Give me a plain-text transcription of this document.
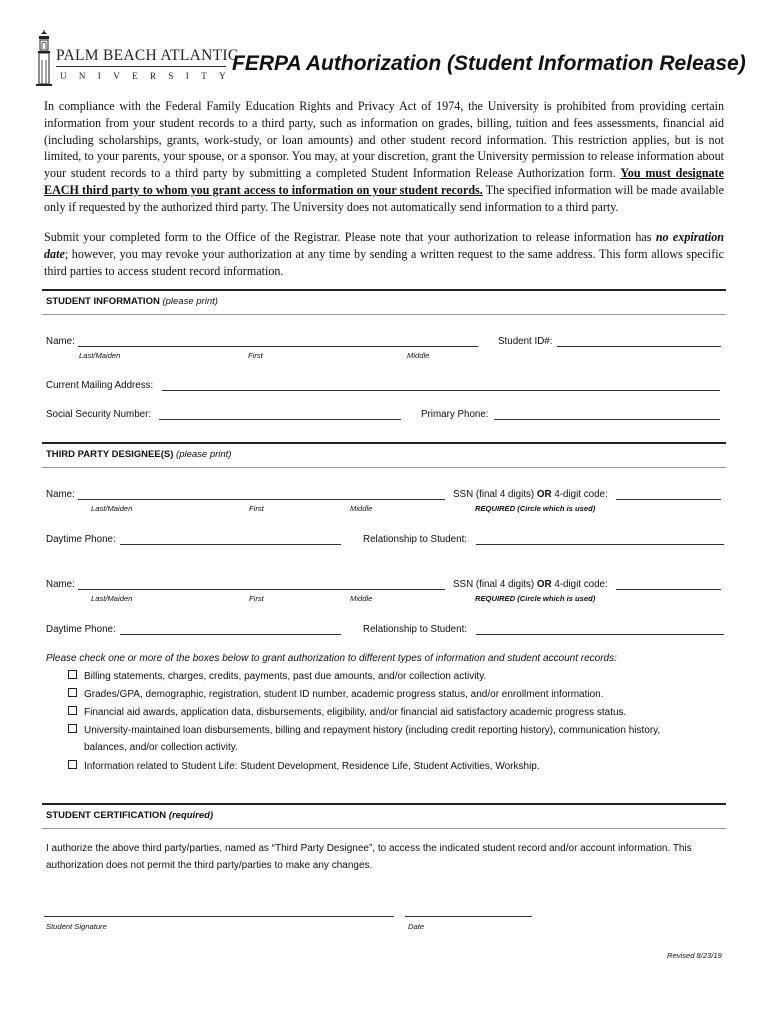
PALM BEACH ATLANTIC
UNIVERSITY
FERPA Authorization (Student Information Release)
In compliance with the Federal Family Education Rights and Privacy Act of 1974, the University is prohibited from providing certain information from your student records to a third party, such as information on grades, billing, tuition and fees assessments, financial aid (including scholarships, grants, work-study, or loan amounts) and other student record information. This restriction applies, but is not limited, to your parents, your spouse, or a sponsor. You may, at your discretion, grant the University permission to release information about your student records to a third party by submitting a completed Student Information Release Authorization form. You must designate EACH third party to whom you grant access to information on your student records. The specified information will be made available only if requested by the authorized third party. The University does not automatically send information to a third party.
Submit your completed form to the Office of the Registrar. Please note that your authorization to release information has no expiration date; however, you may revoke your authorization at any time by sending a written request to the same address. This form allows specific third parties to access student record information.
STUDENT INFORMATION (please print)
Name:
Last/Maiden	First	Middle
Student ID#:
Current Mailing Address:
Social Security Number:	Primary Phone:
THIRD PARTY DESIGNEE(S) (please print)
Name:	SSN (final 4 digits) OR 4-digit code:
Last/Maiden	First	Middle	REQUIRED (Circle which is used)
Daytime Phone:	Relationship to Student:
Name:	SSN (final 4 digits) OR 4-digit code:
Last/Maiden	First	Middle	REQUIRED (Circle which is used)
Daytime Phone:	Relationship to Student:
Please check one or more of the boxes below to grant authorization to different types of information and student account records:
Billing statements, charges, credits, payments, past due amounts, and/or collection activity.
Grades/GPA, demographic, registration, student ID number, academic progress status, and/or enrollment information.
Financial aid awards, application data, disbursements, eligibility, and/or financial aid satisfactory academic progress status.
University-maintained loan disbursements, billing and repayment history (including credit reporting history), communication history,
balances, and/or collection activity.
Information related to Student Life: Student Development, Residence Life, Student Activities, Workship.
STUDENT CERTIFICATION (required)
I authorize the above third party/parties, named as “Third Party Designee”, to access the indicated student record and/or account information. This authorization does not permit the third party/parties to make any changes.
Student Signature	Date
Revised 8/23/19
